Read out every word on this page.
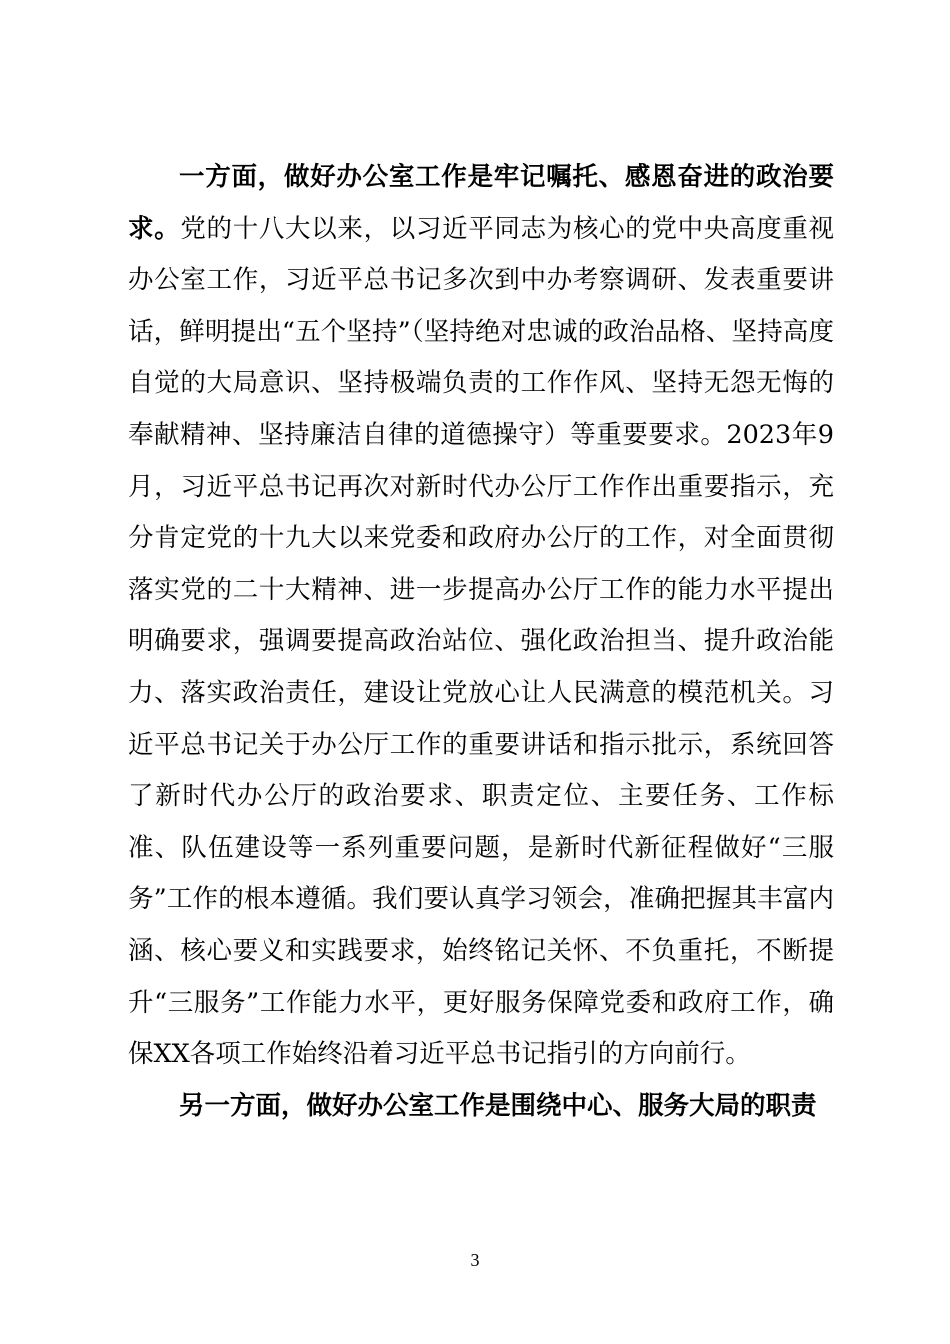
一方面，做好办公室工作是牢记嘱托、感恩奋进的政治要求。党的十八大以来，以习近平同志为核心的党中央高度重视办公室工作，习近平总书记多次到中办考察调研、发表重要讲话，鲜明提出“五个坚持”（坚持绝对忠诚的政治品格、坚持高度自觉的大局意识、坚持极端负责的工作作风、坚持无怨无悔的奉献精神、坚持廉洁自律的道德操守）等重要要求。2023年9月，习近平总书记再次对新时代办公厅工作作出重要指示，充分肯定党的十九大以来党委和政府办公厅的工作，对全面贯彻落实党的二十大精神、进一步提高办公厅工作的能力水平提出明确要求，强调要提高政治站位、强化政治担当、提升政治能力、落实政治责任，建设让党放心让人民满意的模范机关。习近平总书记关于办公厅工作的重要讲话和指示批示，系统回答了新时代办公厅的政治要求、职责定位、主要任务、工作标准、队伍建设等一系列重要问题，是新时代新征程做好“三服务”工作的根本遵循。我们要认真学习领会，准确把握其丰富内涵、核心要义和实践要求，始终铭记关怀、不负重托，不断提升“三服务”工作能力水平，更好服务保障党委和政府工作，确保XX各项工作始终沿着习近平总书记指引的方向前行。

另一方面，做好办公室工作是围绕中心、服务大局的职责

3
